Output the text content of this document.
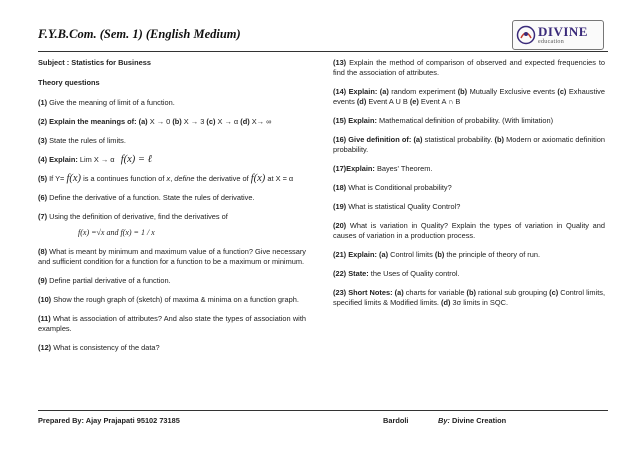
F.Y.B.Com. (Sem. 1) (English Medium)	DIVINE
education

Subject : Statistics for Business

Theory questions

(1) Give the meaning of limit of a function.

(2) Explain the meanings of: (a) X → 0 (b) X → 3 (c) X → α (d) X→ ∞

(3) State the rules of limits.

(4) Explain: Lim X → α f(x) = ℓ

(5) If Y= f(x) is a continues function of x, define the derivative of f(x) at X = α

(6) Define the derivative of a function. State the rules of derivative.

(7) Using the definition of derivative, find the derivatives of

f(x) =√x and f(x) = 1 / x

(8) What is meant by minimum and maximum value of a function? Give necessary and sufficient condition for a function for a function to be a maximum or minimum.

(9) Define partial derivative of a function.

(10) Show the rough graph of (sketch) of maxima & minima on a function graph.

(11) What is association of attributes? And also state the types of association with examples.

(12) What is consistency of the data?

(13) Explain the method of comparison of observed and expected frequencies to find the association of attributes.

(14) Explain: (a) random experiment (b) Mutually Exclusive events (c) Exhaustive events (d) Event A U B (e) Event A ∩ B

(15) Explain: Mathematical definition of probability. (With limitation)

(16) Give definition of: (a) statistical probability. (b) Modern or axiomatic definition probability.

(17)Explain: Bayes' Theorem.

(18) What is Conditional probability?

(19) What is statistical Quality Control?

(20) What is variation in Quality? Explain the types of variation in Quality and causes of variation in a production process.

(21) Explain: (a) Control limits (b) the principle of theory of run.

(22) State: the Uses of Quality control.

(23) Short Notes: (a) charts for variable (b) rational sub grouping (c) Control limits, specified limits & Modified limits. (d) 3σ limits in SQC.

Prepared By: Ajay Prajapati 95102 73185	Bardoli	By: Divine Creation
